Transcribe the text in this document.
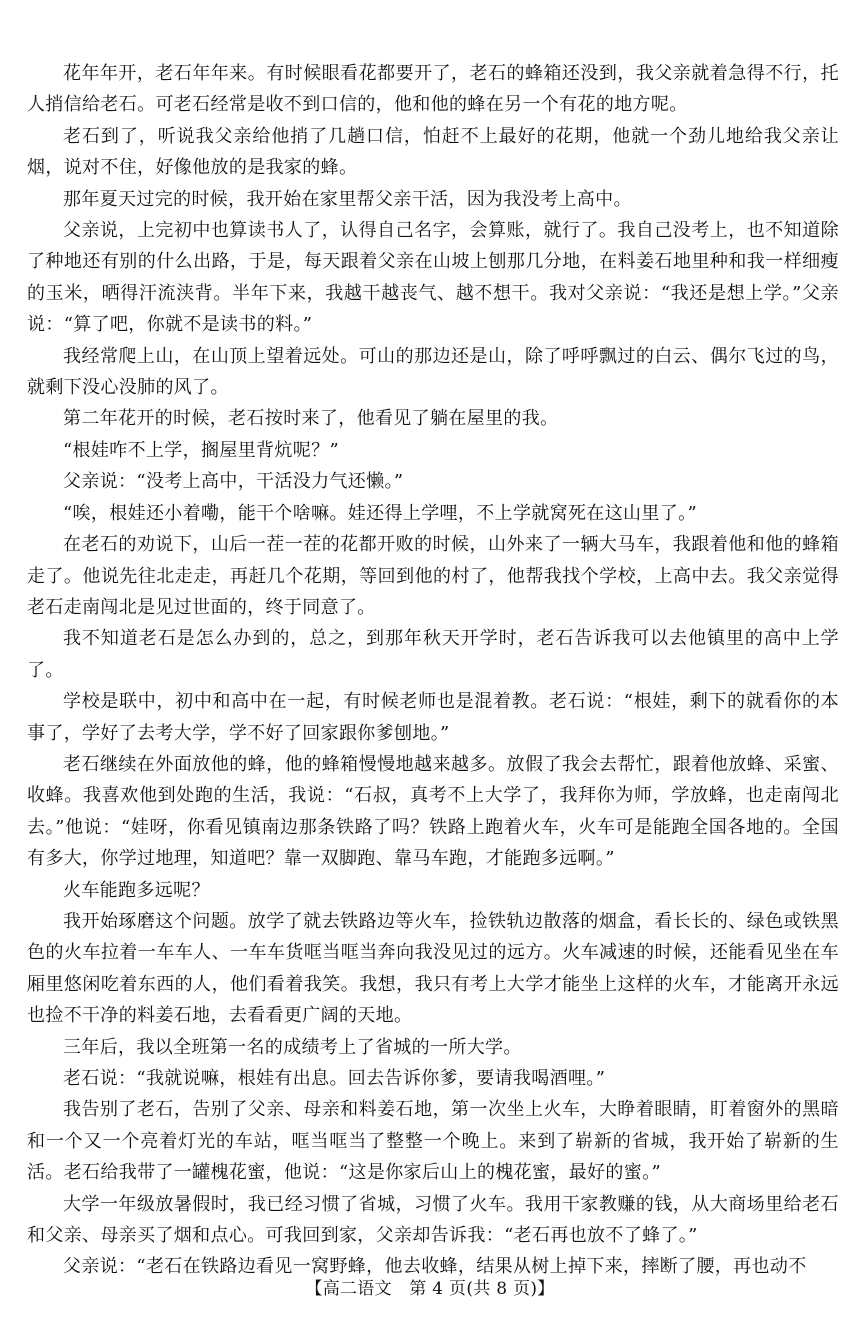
花年年开，老石年年来。有时候眼看花都要开了，老石的蜂箱还没到，我父亲就着急得不行，托人捎信给老石。可老石经常是收不到口信的，他和他的蜂在另一个有花的地方呢。

老石到了，听说我父亲给他捎了几趟口信，怕赶不上最好的花期，他就一个劲儿地给我父亲让烟，说对不住，好像他放的是我家的蜂。

那年夏天过完的时候，我开始在家里帮父亲干活，因为我没考上高中。

父亲说，上完初中也算读书人了，认得自己名字，会算账，就行了。我自己没考上，也不知道除了种地还有别的什么出路，于是，每天跟着父亲在山坡上刨那几分地，在料姜石地里种和我一样细瘦的玉米，晒得汗流浃背。半年下来，我越干越丧气、越不想干。我对父亲说：“我还是想上学。”父亲说：“算了吧，你就不是读书的料。”

我经常爬上山，在山顶上望着远处。可山的那边还是山，除了呼呼飘过的白云、偶尔飞过的鸟，就剩下没心没肺的风了。

第二年花开的时候，老石按时来了，他看见了躺在屋里的我。

“根娃咋不上学，搁屋里背炕呢？”

父亲说：“没考上高中，干活没力气还懒。”

“唉，根娃还小着嘞，能干个啥嘛。娃还得上学哩，不上学就窝死在这山里了。”

在老石的劝说下，山后一茬一茬的花都开败的时候，山外来了一辆大马车，我跟着他和他的蜂箱走了。他说先往北走走，再赶几个花期，等回到他的村了，他帮我找个学校，上高中去。我父亲觉得老石走南闯北是见过世面的，终于同意了。

我不知道老石是怎么办到的，总之，到那年秋天开学时，老石告诉我可以去他镇里的高中上学了。

学校是联中，初中和高中在一起，有时候老师也是混着教。老石说：“根娃，剩下的就看你的本事了，学好了去考大学，学不好了回家跟你爹刨地。”

老石继续在外面放他的蜂，他的蜂箱慢慢地越来越多。放假了我会去帮忙，跟着他放蜂、采蜜、收蜂。我喜欢他到处跑的生活，我说：“石叔，真考不上大学了，我拜你为师，学放蜂，也走南闯北去。”他说：“娃呀，你看见镇南边那条铁路了吗？铁路上跑着火车，火车可是能跑全国各地的。全国有多大，你学过地理，知道吧？靠一双脚跑、靠马车跑，才能跑多远啊。”

火车能跑多远呢？

我开始琢磨这个问题。放学了就去铁路边等火车，捡铁轨边散落的烟盒，看长长的、绿色或铁黑色的火车拉着一车车人、一车车货哐当哐当奔向我没见过的远方。火车减速的时候，还能看见坐在车厢里悠闲吃着东西的人，他们看着我笑。我想，我只有考上大学才能坐上这样的火车，才能离开永远也捡不干净的料姜石地，去看看更广阔的天地。

三年后，我以全班第一名的成绩考上了省城的一所大学。

老石说：“我就说嘛，根娃有出息。回去告诉你爹，要请我喝酒哩。”

我告别了老石，告别了父亲、母亲和料姜石地，第一次坐上火车，大睁着眼睛，盯着窗外的黑暗和一个又一个亮着灯光的车站，哐当哐当了整整一个晚上。来到了崭新的省城，我开始了崭新的生活。老石给我带了一罐槐花蜜，他说：“这是你家后山上的槐花蜜，最好的蜜。”

大学一年级放暑假时，我已经习惯了省城，习惯了火车。我用干家教赚的钱，从大商场里给老石和父亲、母亲买了烟和点心。可我回到家，父亲却告诉我：“老石再也放不了蜂了。”

父亲说：“老石在铁路边看见一窝野蜂，他去收蜂，结果从树上掉下来，摔断了腰，再也动不

【高二语文　第 4 页(共 8 页)】
